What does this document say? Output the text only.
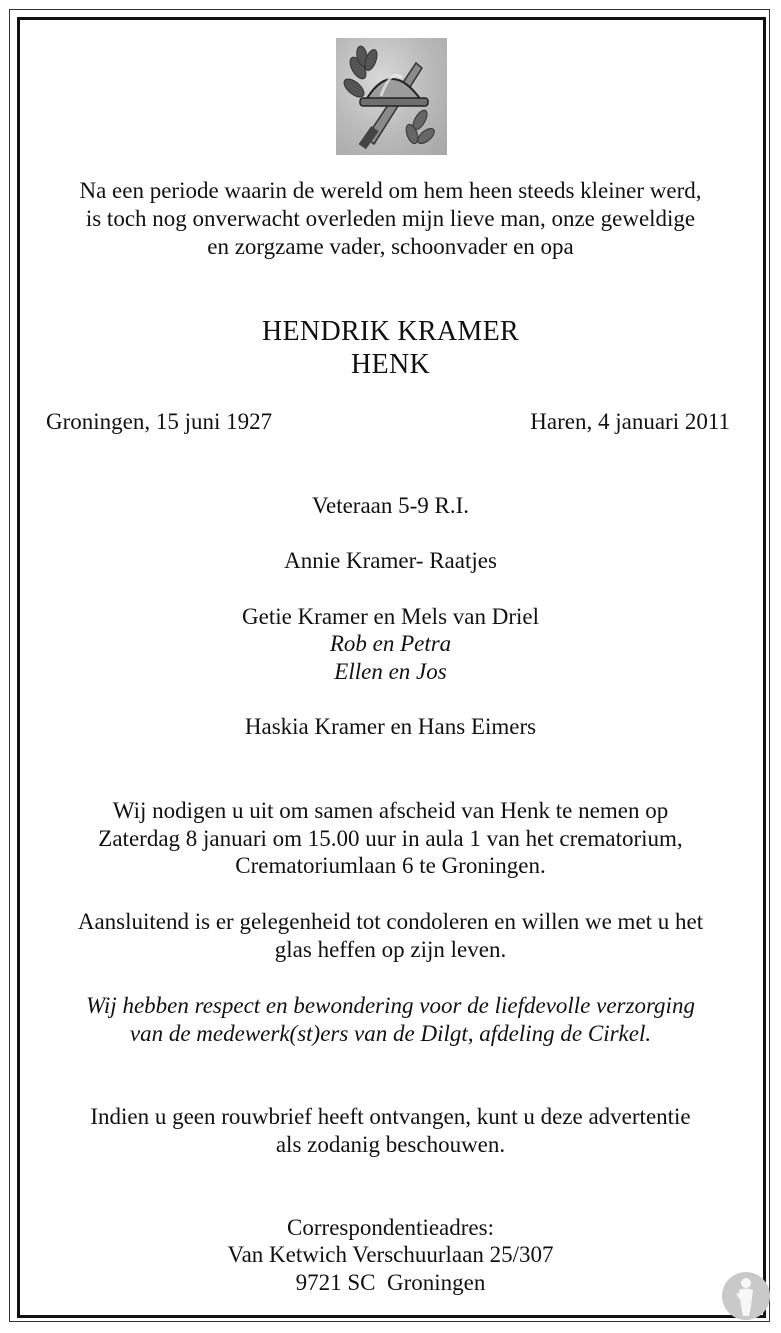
Na een periode waarin de wereld om hem heen steeds kleiner werd,
is toch nog onverwacht overleden mijn lieve man, onze geweldige
en zorgzame vader, schoonvader en opa
HENDRIK KRAMER
HENK
Groningen, 15 juni 1927	Haren, 4 januari 2011
Veteraan 5-9 R.I.
Annie Kramer- Raatjes
Getie Kramer en Mels van Driel
Rob en Petra
Ellen en Jos
Haskia Kramer en Hans Eimers
Wij nodigen u uit om samen afscheid van Henk te nemen op
Zaterdag 8 januari om 15.00 uur in aula 1 van het crematorium,
Crematoriumlaan 6 te Groningen.
Aansluitend is er gelegenheid tot condoleren en willen we met u het
glas heffen op zijn leven.
Wij hebben respect en bewondering voor de liefdevolle verzorging
van de medewerk(st)ers van de Dilgt, afdeling de Cirkel.
Indien u geen rouwbrief heeft ontvangen, kunt u deze advertentie
als zodanig beschouwen.
Correspondentieadres:
Van Ketwich Verschuurlaan 25/307
9721 SC  Groningen
